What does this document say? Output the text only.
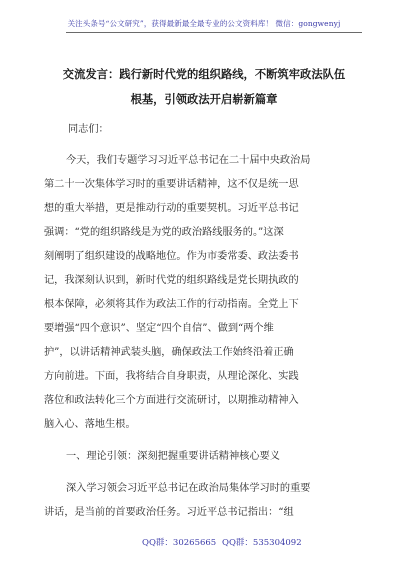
关注头条号“公文研究”，获得最新最全最专业的公文资料库！ 微信：gongwenyj
交流发言：践行新时代党的组织路线，不断筑牢政法队伍
根基，引领政法开启崭新篇章

同志们：

今天，我们专题学习习近平总书记在二十届中央政治局

第二十一次集体学习时的重要讲话精神，这不仅是统一思

想的重大举措，更是推动行动的重要契机。习近平总书记

强调：“党的组织路线是为党的政治路线服务的。”这深

刻阐明了组织建设的战略地位。作为市委常委、政法委书

记，我深刻认识到，新时代党的组织路线是党长期执政的

根本保障，必须将其作为政法工作的行动指南。全党上下

要增强“四个意识”、坚定“四个自信”、做到“两个维

护”，以讲话精神武装头脑，确保政法工作始终沿着正确

方向前进。下面，我将结合自身职责，从理论深化、实践

落位和政法转化三个方面进行交流研讨，以期推动精神入

脑入心、落地生根。

一、理论引领：深刻把握重要讲话精神核心要义

深入学习领会习近平总书记在政治局集体学习时的重要

讲话，是当前的首要政治任务。习近平总书记指出：“组

QQ群：30265665 QQ群：535304092
